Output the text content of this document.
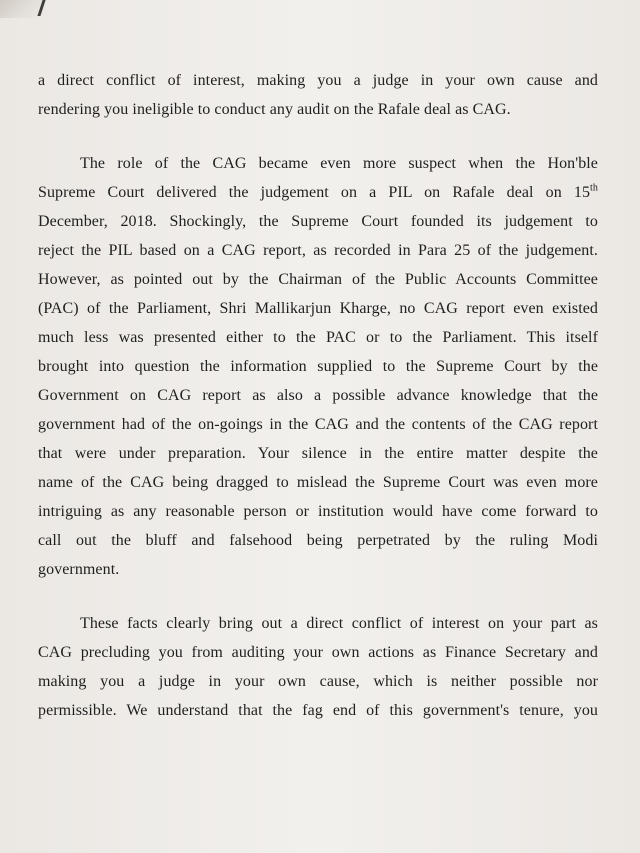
a direct conflict of interest, making you a judge in your own cause and
rendering you ineligible to conduct any audit on the Rafale deal as CAG.
The role of the CAG became even more suspect when the Hon'ble
Supreme Court delivered the judgement on a PIL on Rafale deal on 15th
December, 2018. Shockingly, the Supreme Court founded its judgement to
reject the PIL based on a CAG report, as recorded in Para 25 of the judgement.
However, as pointed out by the Chairman of the Public Accounts Committee
(PAC) of the Parliament, Shri Mallikarjun Kharge, no CAG report even existed
much less was presented either to the PAC or to the Parliament. This itself
brought into question the information supplied to the Supreme Court by the
Government on CAG report as also a possible advance knowledge that the
government had of the on-goings in the CAG and the contents of the CAG report
that were under preparation. Your silence in the entire matter despite the
name of the CAG being dragged to mislead the Supreme Court was even more
intriguing as any reasonable person or institution would have come forward to
call out the bluff and falsehood being perpetrated by the ruling Modi
government.
These facts clearly bring out a direct conflict of interest on your part as
CAG precluding you from auditing your own actions as Finance Secretary and
making you a judge in your own cause, which is neither possible nor
permissible. We understand that the fag end of this government's tenure, you
